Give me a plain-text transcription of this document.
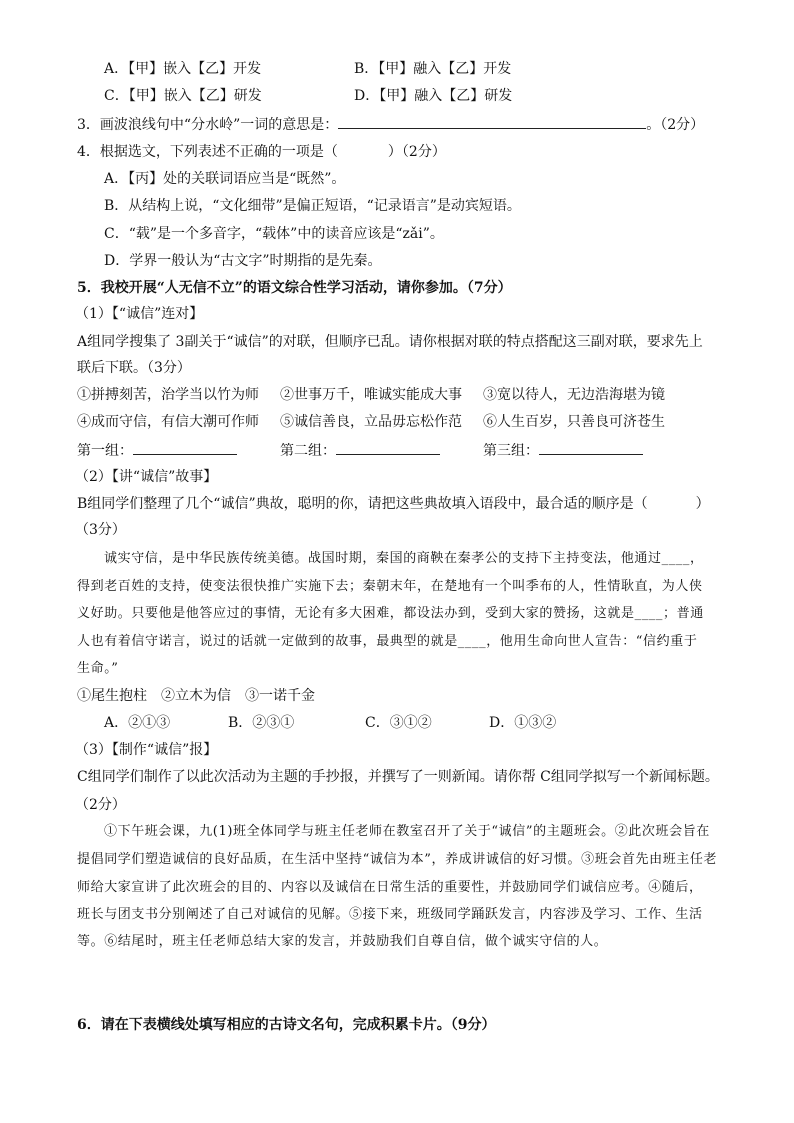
A．【甲】嵌入【乙】开发	B．【甲】融入【乙】开发
C．【甲】嵌入【乙】研发	D．【甲】融入【乙】研发
3．画波浪线句中“分水岭”一词的意思是：	。（2分）
4．根据选文，下列表述不正确的一项是（	）（2分）
A．【丙】处的关联词语应当是“既然”。
B．从结构上说，“文化细带”是偏正短语，“记录语言”是动宾短语。
C．“载”是一个多音字，“载体”中的读音应该是“zǎi”。
D．学界一般认为“古文字”时期指的是先秦。
5．我校开展“人无信不立”的语文综合性学习活动，请你参加。（7分）
（1）【“诚信”连对】
A组同学搜集了 3副关于“诚信”的对联，但顺序已乱。请你根据对联的特点搭配这三副对联，要求先上
联后下联。（3分）
①拼搏刻苦，治学当以竹为师 ②世事万千，唯诚实能成大事 ③宽以待人，无边浩海堪为镜
④成而守信，有信大潮可作师 ⑤诚信善良，立品毋忘松作范 ⑥人生百岁，只善良可济苍生
第一组：	第二组：	第三组：
（2）【讲“诚信”故事】
B组同学们整理了几个“诚信”典故，聪明的你，请把这些典故填入语段中，最合适的顺序是（	）
（3分）
诚实守信，是中华民族传统美德。战国时期，秦国的商鞅在秦孝公的支持下主持变法，他通过____，
得到老百姓的支持，使变法很快推广实施下去；秦朝末年，在楚地有一个叫季布的人，性情耿直，为人侠
义好助。只要他是他答应过的事情，无论有多大困难，都设法办到，受到大家的赞扬，这就是____；普通
人也有着信守诺言，说过的话就一定做到的故事，最典型的就是____，他用生命向世人宣告：“信约重于
生命。”
①尾生抱柱　②立木为信　③一诺千金
A．②①③	B．②③①	C．③①②	D．①③②
（3）【制作“诚信”报】
C组同学们制作了以此次活动为主题的手抄报，并撰写了一则新闻。请你帮 C组同学拟写一个新闻标题。
（2分）
①下午班会课，九(1)班全体同学与班主任老师在教室召开了关于“诚信”的主题班会。②此次班会旨在
提倡同学们塑造诚信的良好品质，在生活中坚持“诚信为本”，养成讲诚信的好习惯。③班会首先由班主任老
师给大家宣讲了此次班会的目的、内容以及诚信在日常生活的重要性，并鼓励同学们诚信应考。④随后，
班长与团支书分别阐述了自己对诚信的见解。⑤接下来，班级同学踊跃发言，内容涉及学习、工作、生活
等。⑥结尾时，班主任老师总结大家的发言，并鼓励我们自尊自信，做个诚实守信的人。
6．请在下表横线处填写相应的古诗文名句，完成积累卡片。（9分）
